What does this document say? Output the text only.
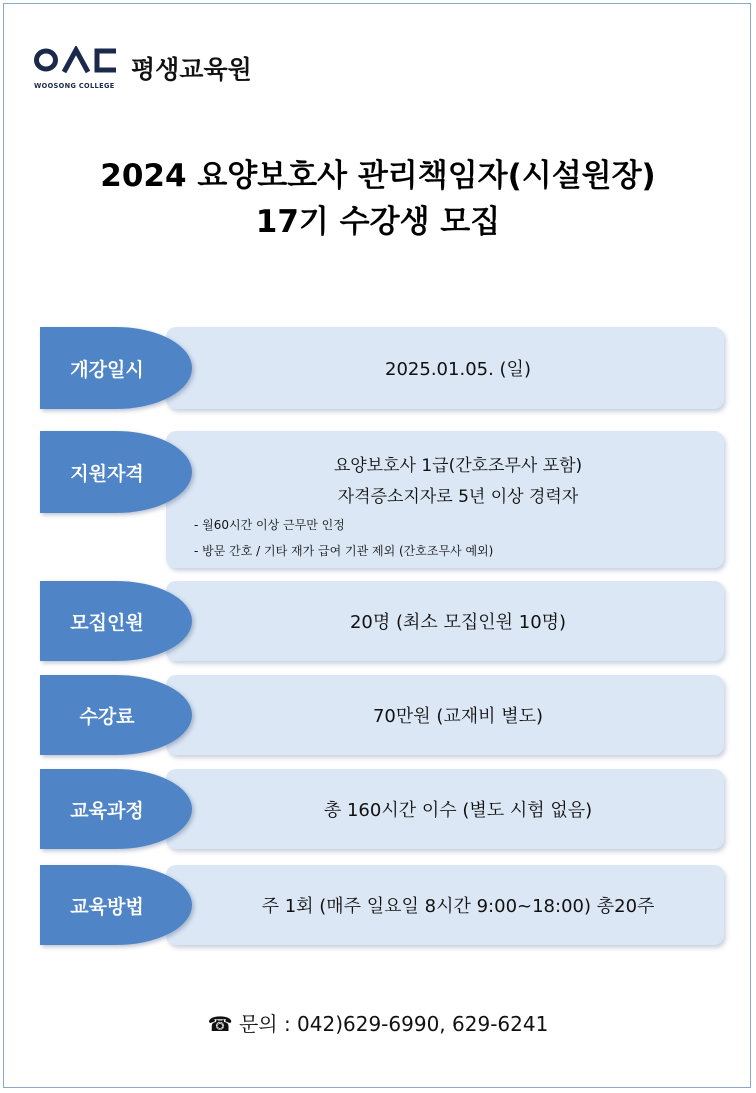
WOOSONG COLLEGE
평생교육원
2024 요양보호사 관리책임자(시설원장)
17기 수강생 모집
개강일시	2025.01.05. (일)
지원자격	요양보호사 1급(간호조무사 포함)
자격증소지자로 5년 이상 경력자
- 월60시간 이상 근무만 인정
- 방문 간호 / 기타 재가 급여 기관 제외 (간호조무사 예외)
모집인원	20명 (최소 모집인원 10명)
수강료	70만원 (교재비 별도)
교육과정	총 160시간 이수 (별도 시험 없음)
교육방법	주 1회 (매주 일요일 8시간 9:00~18:00) 총20주
☎ 문의 : 042)629-6990, 629-6241
